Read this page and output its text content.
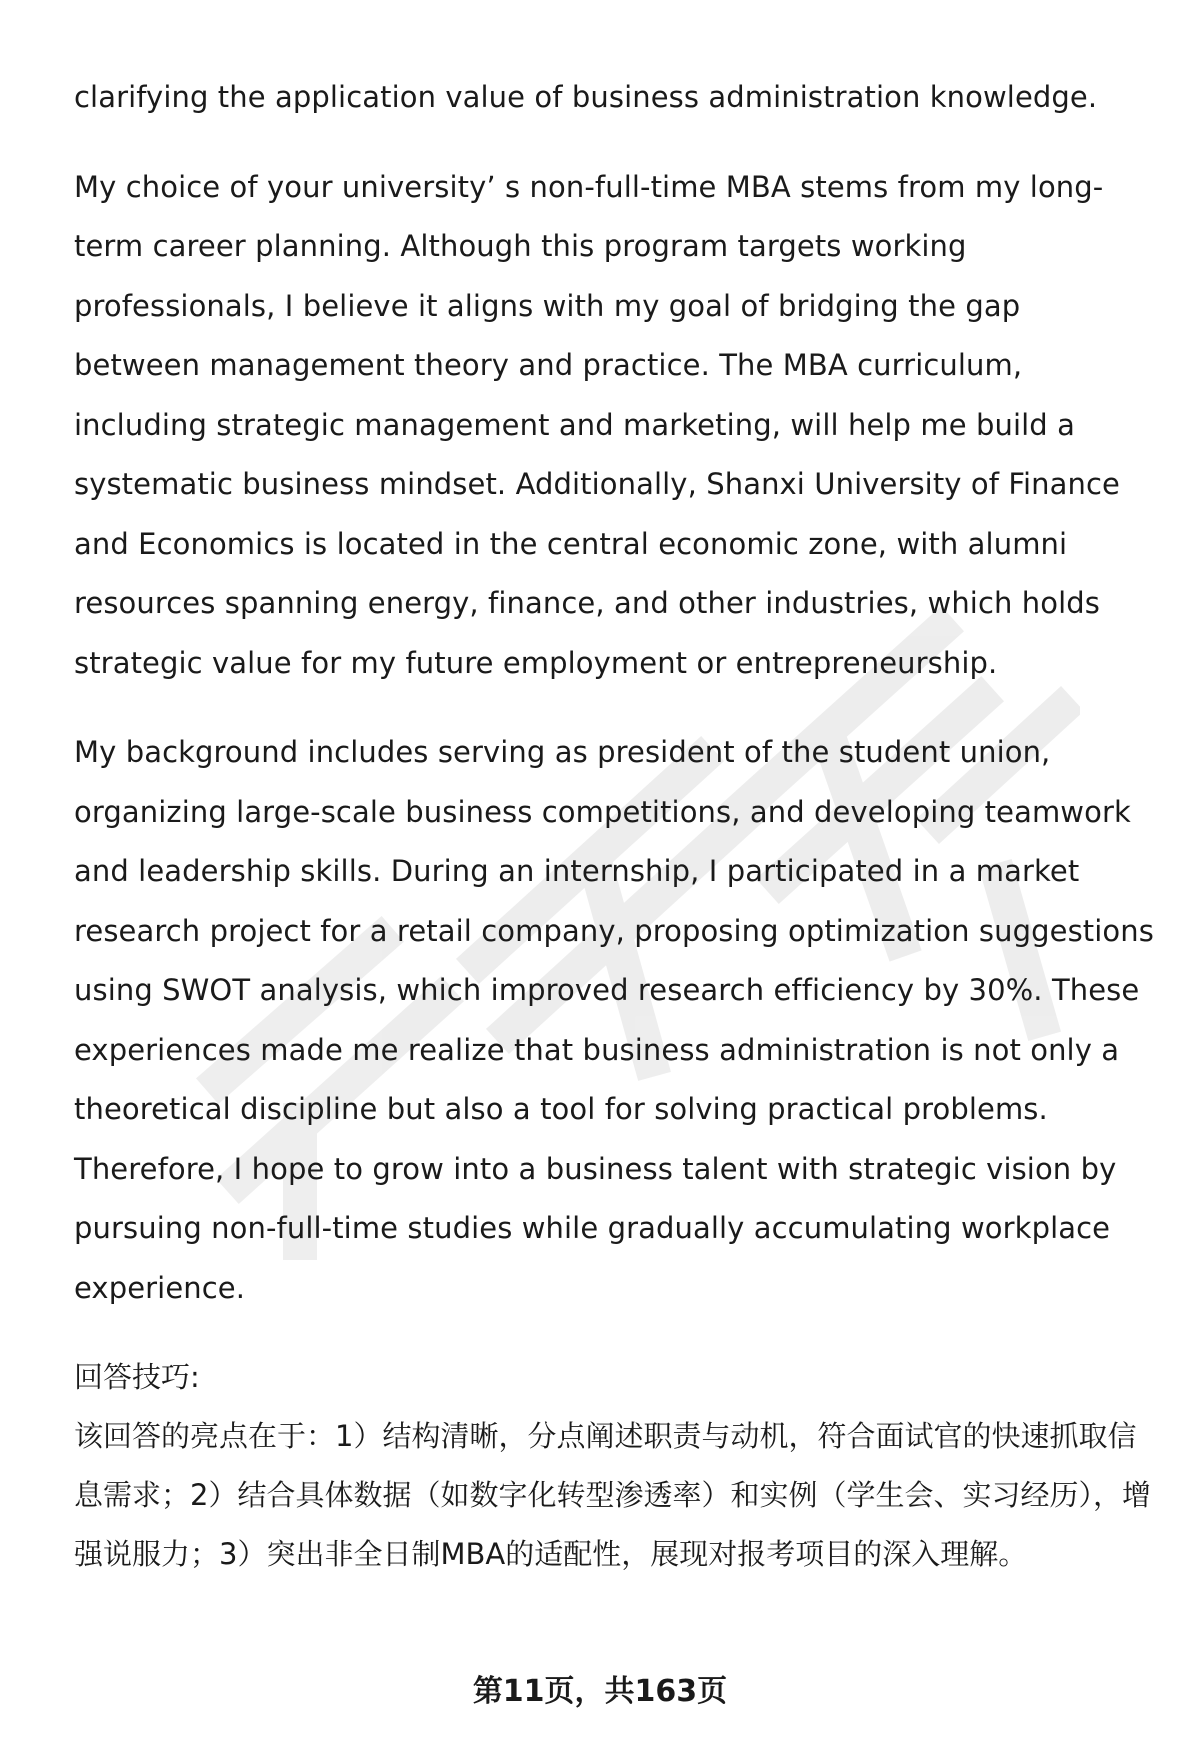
clarifying the application value of business administration knowledge.

My choice of your university’ s non-full-time MBA stems from my long-term career planning. Although this program targets working professionals, I believe it aligns with my goal of bridging the gap between management theory and practice. The MBA curriculum, including strategic management and marketing, will help me build a systematic business mindset. Additionally, Shanxi University of Finance and Economics is located in the central economic zone, with alumni resources spanning energy, finance, and other industries, which holds strategic value for my future employment or entrepreneurship.

My background includes serving as president of the student union, organizing large-scale business competitions, and developing teamwork and leadership skills. During an internship, I participated in a market research project for a retail company, proposing optimization suggestions using SWOT analysis, which improved research efficiency by 30%. These experiences made me realize that business administration is not only a theoretical discipline but also a tool for solving practical problems. Therefore, I hope to grow into a business talent with strategic vision by pursuing non-full-time studies while gradually accumulating workplace experience.

回答技巧:
该回答的亮点在于：1）结构清晰，分点阐述职责与动机，符合面试官的快速抓取信息需求；2）结合具体数据（如数字化转型渗透率）和实例（学生会、实习经历），增强说服力；3）突出非全日制MBA的适配性，展现对报考项目的深入理解。
第11页，共163页
